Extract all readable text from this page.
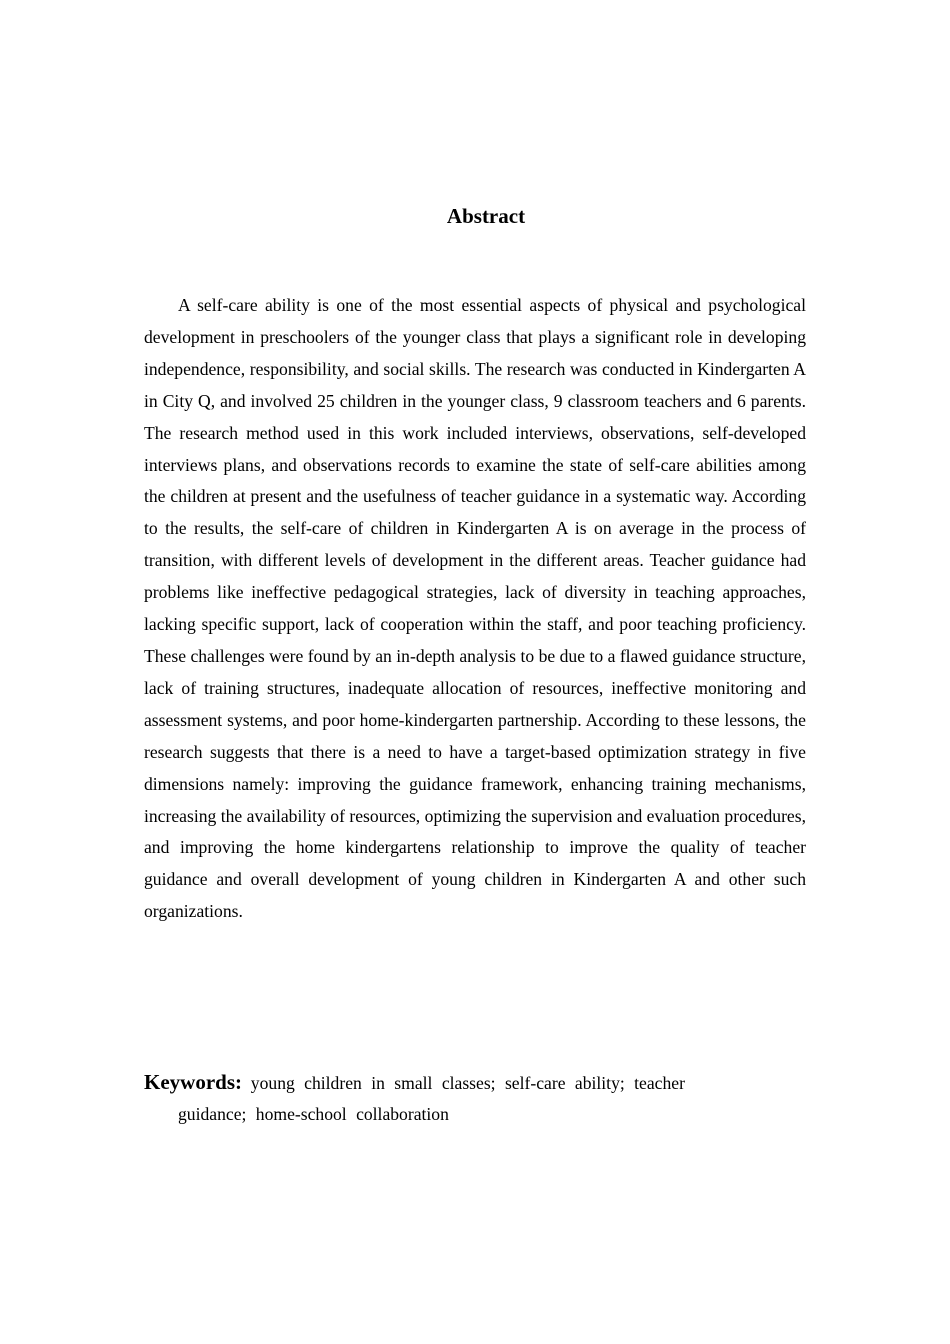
Abstract

A self-care ability is one of the most essential aspects of physical and psychological development in preschoolers of the younger class that plays a significant role in developing independence, responsibility, and social skills. The research was conducted in Kindergarten A in City Q, and involved 25 children in the younger class, 9 classroom teachers and 6 parents. The research method used in this work included interviews, observations, self-developed interviews plans, and observations records to examine the state of self-care abilities among the children at present and the usefulness of teacher guidance in a systematic way. According to the results, the self-care of children in Kindergarten A is on average in the process of transition, with different levels of development in the different areas. Teacher guidance had problems like ineffective pedagogical strategies, lack of diversity in teaching approaches, lacking specific support, lack of cooperation within the staff, and poor teaching proficiency. These challenges were found by an in-depth analysis to be due to a flawed guidance structure, lack of training structures, inadequate allocation of resources, ineffective monitoring and assessment systems, and poor home-kindergarten partnership. According to these lessons, the research suggests that there is a need to have a target-based optimization strategy in five dimensions namely: improving the guidance framework, enhancing training mechanisms, increasing the availability of resources, optimizing the supervision and evaluation procedures, and improving the home kindergartens relationship to improve the quality of teacher guidance and overall development of young children in Kindergarten A and other such organizations.

Keywords: young children in small classes; self-care ability; teacher
guidance; home-school collaboration
